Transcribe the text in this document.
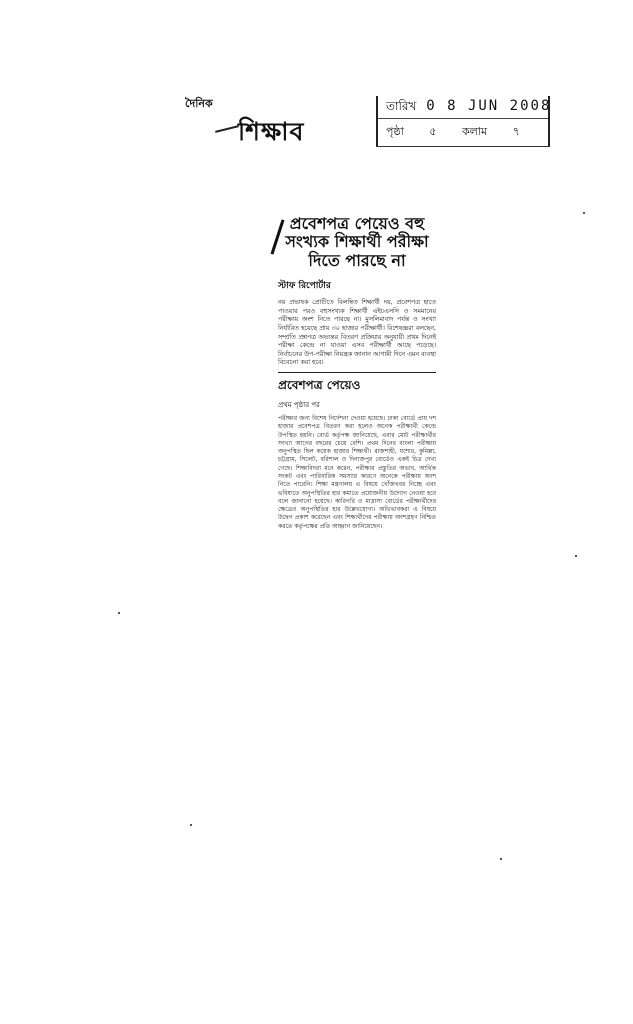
দৈনিক
শিক্ষাব
তারিখ 0 8 JUN 2008
পৃষ্ঠা ৫ কলাম ৭
প্রবেশপত্র পেয়েও বহু
সংখ্যক শিক্ষার্থী পরীক্ষা
দিতে পারছে না
স্টাফ রিপোর্টার
নয় প্রভাষক প্রোটিতে বিলম্বিত শিক্ষার্থী দয়, প্রবেশপত্র হাতে পাওয়ার পরও বহুসংখ্যক শিক্ষার্থী এইচএসসি ও সমমানের পরীক্ষায় অংশ নিতে পারছে না। মুসলিমাবাদ পর্যন্ত ও সংখ্যা নির্ধারিত হয়েছে প্রায় ৩০ হাজার পরীক্ষার্থী। বিশেষজ্ঞরা বলছেন, সম্প্রতি প্রশ্নপত্র অভ্যন্তর বিতরণ প্রক্রিয়ার অনুযায়ী প্রথম দিনেই পরীক্ষা কেন্দ্রে না যাওয়া এসব পরীক্ষার্থী আছে পড়েছে। নির্বাচনের উপ-পরীক্ষা নিয়ন্ত্রক জানান আগামী দিনে এমন ব্যবস্থা বিবেচনা করা হবে।
প্রবেশপত্র পেয়েও
প্রথম পৃষ্ঠার পর
পরীক্ষার জন্য বিশেষ নির্দেশনা দেওয়া হয়েছে। ঢাকা বোর্ডে প্রায় দশ হাজার প্রবেশপত্র বিতরণ করা হলেও অনেক পরীক্ষার্থী কেন্দ্রে উপস্থিত হয়নি। বোর্ড কর্তৃপক্ষ জানিয়েছে, এবার মোট পরীক্ষার্থীর সংখ্যা আগের বছরের চেয়ে বেশি। প্রথম দিনের বাংলা পরীক্ষায় অনুপস্থিত ছিল কয়েক হাজার শিক্ষার্থী। রাজশাহী, যশোর, কুমিল্লা, চট্টগ্রাম, সিলেট, বরিশাল ও দিনাজপুর বোর্ডেও একই চিত্র দেখা গেছে। শিক্ষাবিদরা মনে করেন, পরীক্ষার প্রস্তুতির অভাব, আর্থিক সংকট এবং পারিবারিক সমস্যার কারণে অনেকে পরীক্ষায় অংশ নিতে পারেনি। শিক্ষা মন্ত্রণালয় এ বিষয়ে খোঁজখবর নিচ্ছে এবং ভবিষ্যতে অনুপস্থিতির হার কমাতে প্রয়োজনীয় উদ্যোগ নেওয়া হবে বলে জানানো হয়েছে। কারিগরি ও মাদ্রাসা বোর্ডের পরীক্ষার্থীদের ক্ষেত্রেও অনুপস্থিতির হার উল্লেখযোগ্য। অভিভাবকরা এ বিষয়ে উদ্বেগ প্রকাশ করেছেন এবং শিক্ষার্থীদের পরীক্ষায় অংশগ্রহণ নিশ্চিত করতে কর্তৃপক্ষের প্রতি আহ্বান জানিয়েছেন।
